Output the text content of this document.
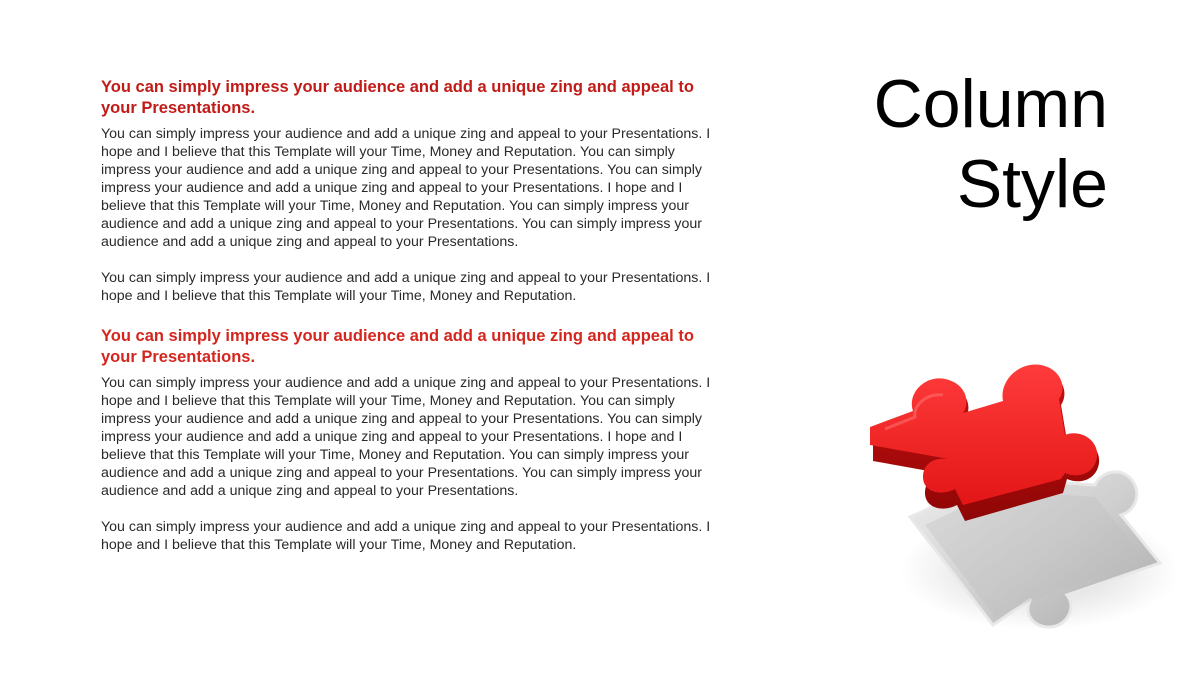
You can simply impress your audience and add a unique zing and appeal to your Presentations.

You can simply impress your audience and add a unique zing and appeal to your Presentations. I hope and I believe that this Template will your Time, Money and Reputation. You can simply impress your audience and add a unique zing and appeal to your Presentations. You can simply impress your audience and add a unique zing and appeal to your Presentations. I hope and I believe that this Template will your Time, Money and Reputation. You can simply impress your audience and add a unique zing and appeal to your Presentations. You can simply impress your audience and add a unique zing and appeal to your Presentations.

You can simply impress your audience and add a unique zing and appeal to your Presentations. I hope and I believe that this Template will your Time, Money and Reputation.

You can simply impress your audience and add a unique zing and appeal to your Presentations.

You can simply impress your audience and add a unique zing and appeal to your Presentations. I hope and I believe that this Template will your Time, Money and Reputation. You can simply impress your audience and add a unique zing and appeal to your Presentations. You can simply impress your audience and add a unique zing and appeal to your Presentations. I hope and I believe that this Template will your Time, Money and Reputation. You can simply impress your audience and add a unique zing and appeal to your Presentations. You can simply impress your audience and add a unique zing and appeal to your Presentations.

You can simply impress your audience and add a unique zing and appeal to your Presentations. I hope and I believe that this Template will your Time, Money and Reputation.

Column
Style
